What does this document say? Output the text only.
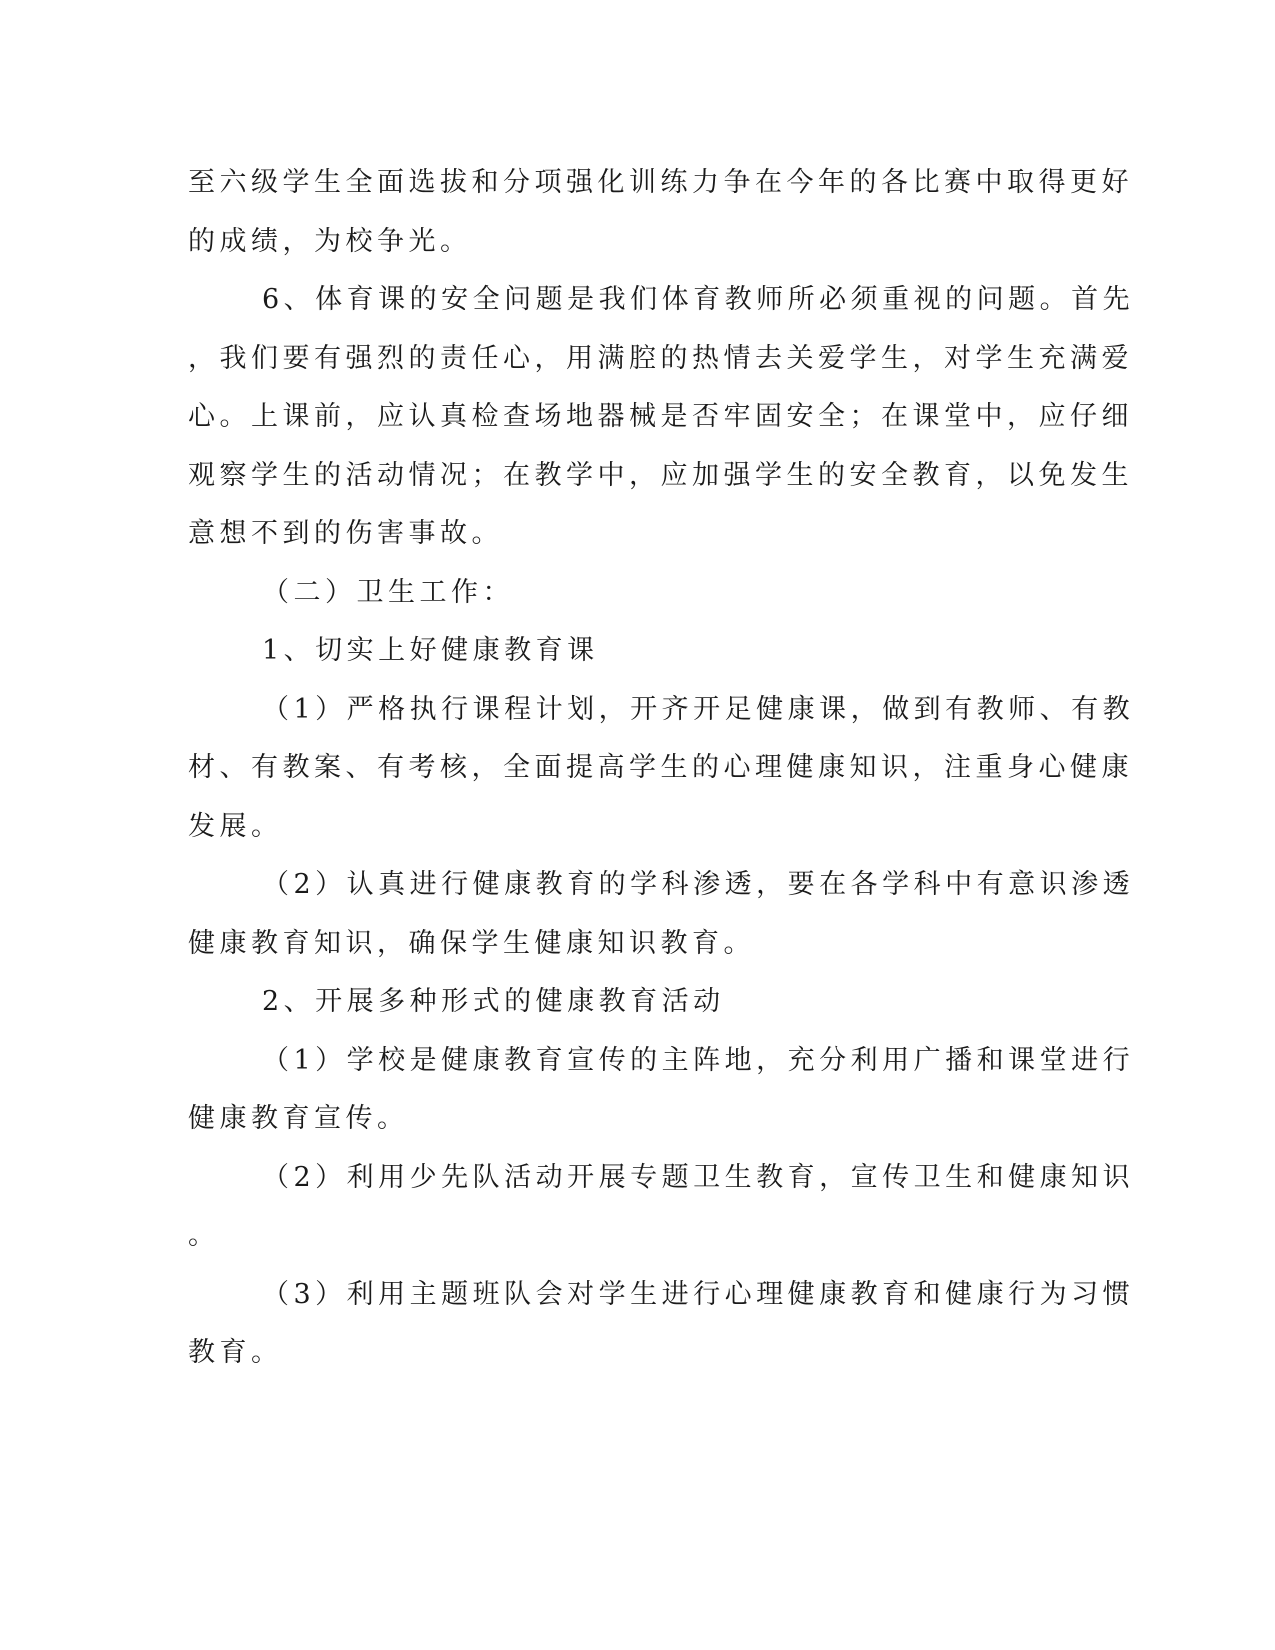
至六级学生全面选拔和分项强化训练力争在今年的各比赛中取得更好
的成绩，为校争光。
6、体育课的安全问题是我们体育教师所必须重视的问题。首先
，我们要有强烈的责任心，用满腔的热情去关爱学生，对学生充满爱
心。上课前，应认真检查场地器械是否牢固安全；在课堂中，应仔细
观察学生的活动情况；在教学中，应加强学生的安全教育，以免发生
意想不到的伤害事故。
（二）卫生工作：
1、切实上好健康教育课
（1）严格执行课程计划，开齐开足健康课，做到有教师、有教
材、有教案、有考核，全面提高学生的心理健康知识，注重身心健康
发展。
（2）认真进行健康教育的学科渗透，要在各学科中有意识渗透
健康教育知识，确保学生健康知识教育。
2、开展多种形式的健康教育活动
（1）学校是健康教育宣传的主阵地，充分利用广播和课堂进行
健康教育宣传。
（2）利用少先队活动开展专题卫生教育，宣传卫生和健康知识
。
（3）利用主题班队会对学生进行心理健康教育和健康行为习惯
教育。
